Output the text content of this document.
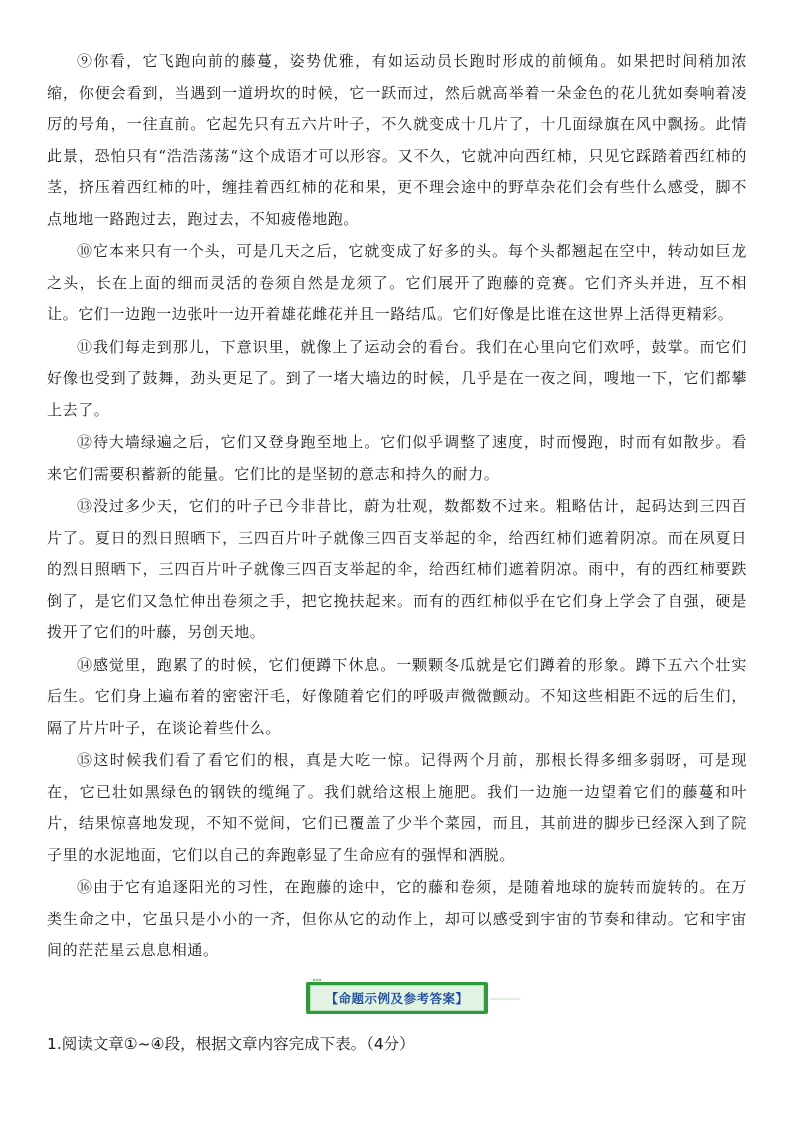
⑨你看，它飞跑向前的藤蔓，姿势优雅，有如运动员长跑时形成的前倾角。如果把时间稍加浓缩，你便会看到，当遇到一道坍坎的时候，它一跃而过，然后就高举着一朵金色的花儿犹如奏响着凌厉的号角，一往直前。它起先只有五六片叶子，不久就变成十几片了，十几面绿旗在风中飘扬。此情此景，恐怕只有“浩浩荡荡“这个成语才可以形容。又不久，它就冲向西红柿，只见它踩踏着西红柿的茎，挤压着西红柿的叶，缠挂着西红柿的花和果，更不理会途中的野草杂花们会有些什么感受，脚不点地地一路跑过去，跑过去，不知疲倦地跑。

⑩它本来只有一个头，可是几天之后，它就变成了好多的头。每个头都翘起在空中，转动如巨龙之头，长在上面的细而灵活的卷须自然是龙须了。它们展开了跑藤的竞赛。它们齐头并进，互不相让。它们一边跑一边张叶一边开着雄花雌花并且一路结瓜。它们好像是比谁在这世界上活得更精彩。

⑪我们每走到那儿，下意识里，就像上了运动会的看台。我们在心里向它们欢呼，鼓掌。而它们好像也受到了鼓舞，劲头更足了。到了一堵大墙边的时候，几乎是在一夜之间，嗖地一下，它们都攀上去了。

⑫待大墙绿遍之后，它们又登身跑至地上。它们似乎调整了速度，时而慢跑，时而有如散步。看来它们需要积蓄新的能量。它们比的是坚韧的意志和持久的耐力。

⑬没过多少天，它们的叶子已今非昔比，蔚为壮观，数都数不过来。粗略估计，起码达到三四百片了。夏日的烈日照晒下，三四百片叶子就像三四百支举起的伞，给西红柿们遮着阴凉。而在夙夏日的烈日照晒下，三四百片叶子就像三四百支举起的伞，给西红柿们遮着阴凉。雨中，有的西红柿要跌倒了，是它们又急忙伸出卷须之手，把它挽扶起来。而有的西红柿似乎在它们身上学会了自强，硬是拨开了它们的叶藤，另创天地。

⑭感觉里，跑累了的时候，它们便蹲下休息。一颗颗冬瓜就是它们蹲着的形象。蹲下五六个壮实后生。它们身上遍布着的密密汗毛，好像随着它们的呼吸声微微颤动。不知这些相距不远的后生们，隔了片片叶子，在谈论着些什么。

⑮这时候我们看了看它们的根，真是大吃一惊。记得两个月前，那根长得多细多弱呀，可是现在，它已壮如黑绿色的钢铁的缆绳了。我们就给这根上施肥。我们一边施一边望着它们的藤蔓和叶片，结果惊喜地发现，不知不觉间，它们已覆盖了少半个菜园，而且，其前进的脚步已经深入到了院子里的水泥地面，它们以自己的奔跑彰显了生命应有的强悍和洒脱。

⑯由于它有追逐阳光的习性，在跑藤的途中，它的藤和卷须，是随着地球的旋转而旋转的。在万类生命之中，它虽只是小小的一齐，但你从它的动作上，却可以感受到宇宙的节奏和律动。它和宇宙间的茫茫星云息息相通。

【命题示例及参考答案】
1.阅读文章①~④段，根据文章内容完成下表。（4分）
